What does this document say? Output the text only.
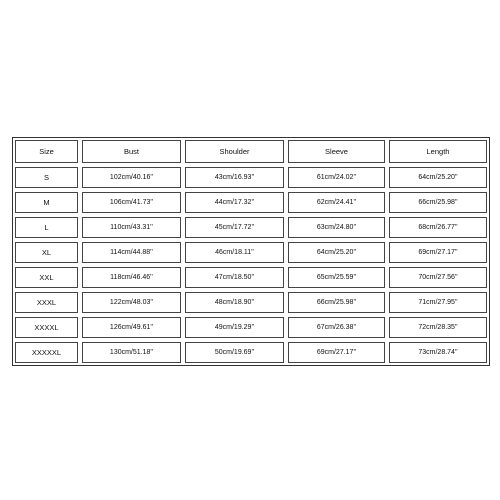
Size	Bust	Shoulder	Sleeve	Length

S	102cm/40.16''	43cm/16.93''	61cm/24.02''	64cm/25.20''

M	106cm/41.73''	44cm/17.32''	62cm/24.41''	66cm/25.98''

L	110cm/43.31''	45cm/17.72''	63cm/24.80''	68cm/26.77''

XL	114cm/44.88''	46cm/18.11''	64cm/25.20''	69cm/27.17''

XXL	118cm/46.46''	47cm/18.50''	65cm/25.59''	70cm/27.56''

XXXL	122cm/48.03''	48cm/18.90''	66cm/25.98''	71cm/27.95''

XXXXL	126cm/49.61''	49cm/19.29''	67cm/26.38''	72cm/28.35''

XXXXXL	130cm/51.18''	50cm/19.69''	69cm/27.17''	73cm/28.74''
